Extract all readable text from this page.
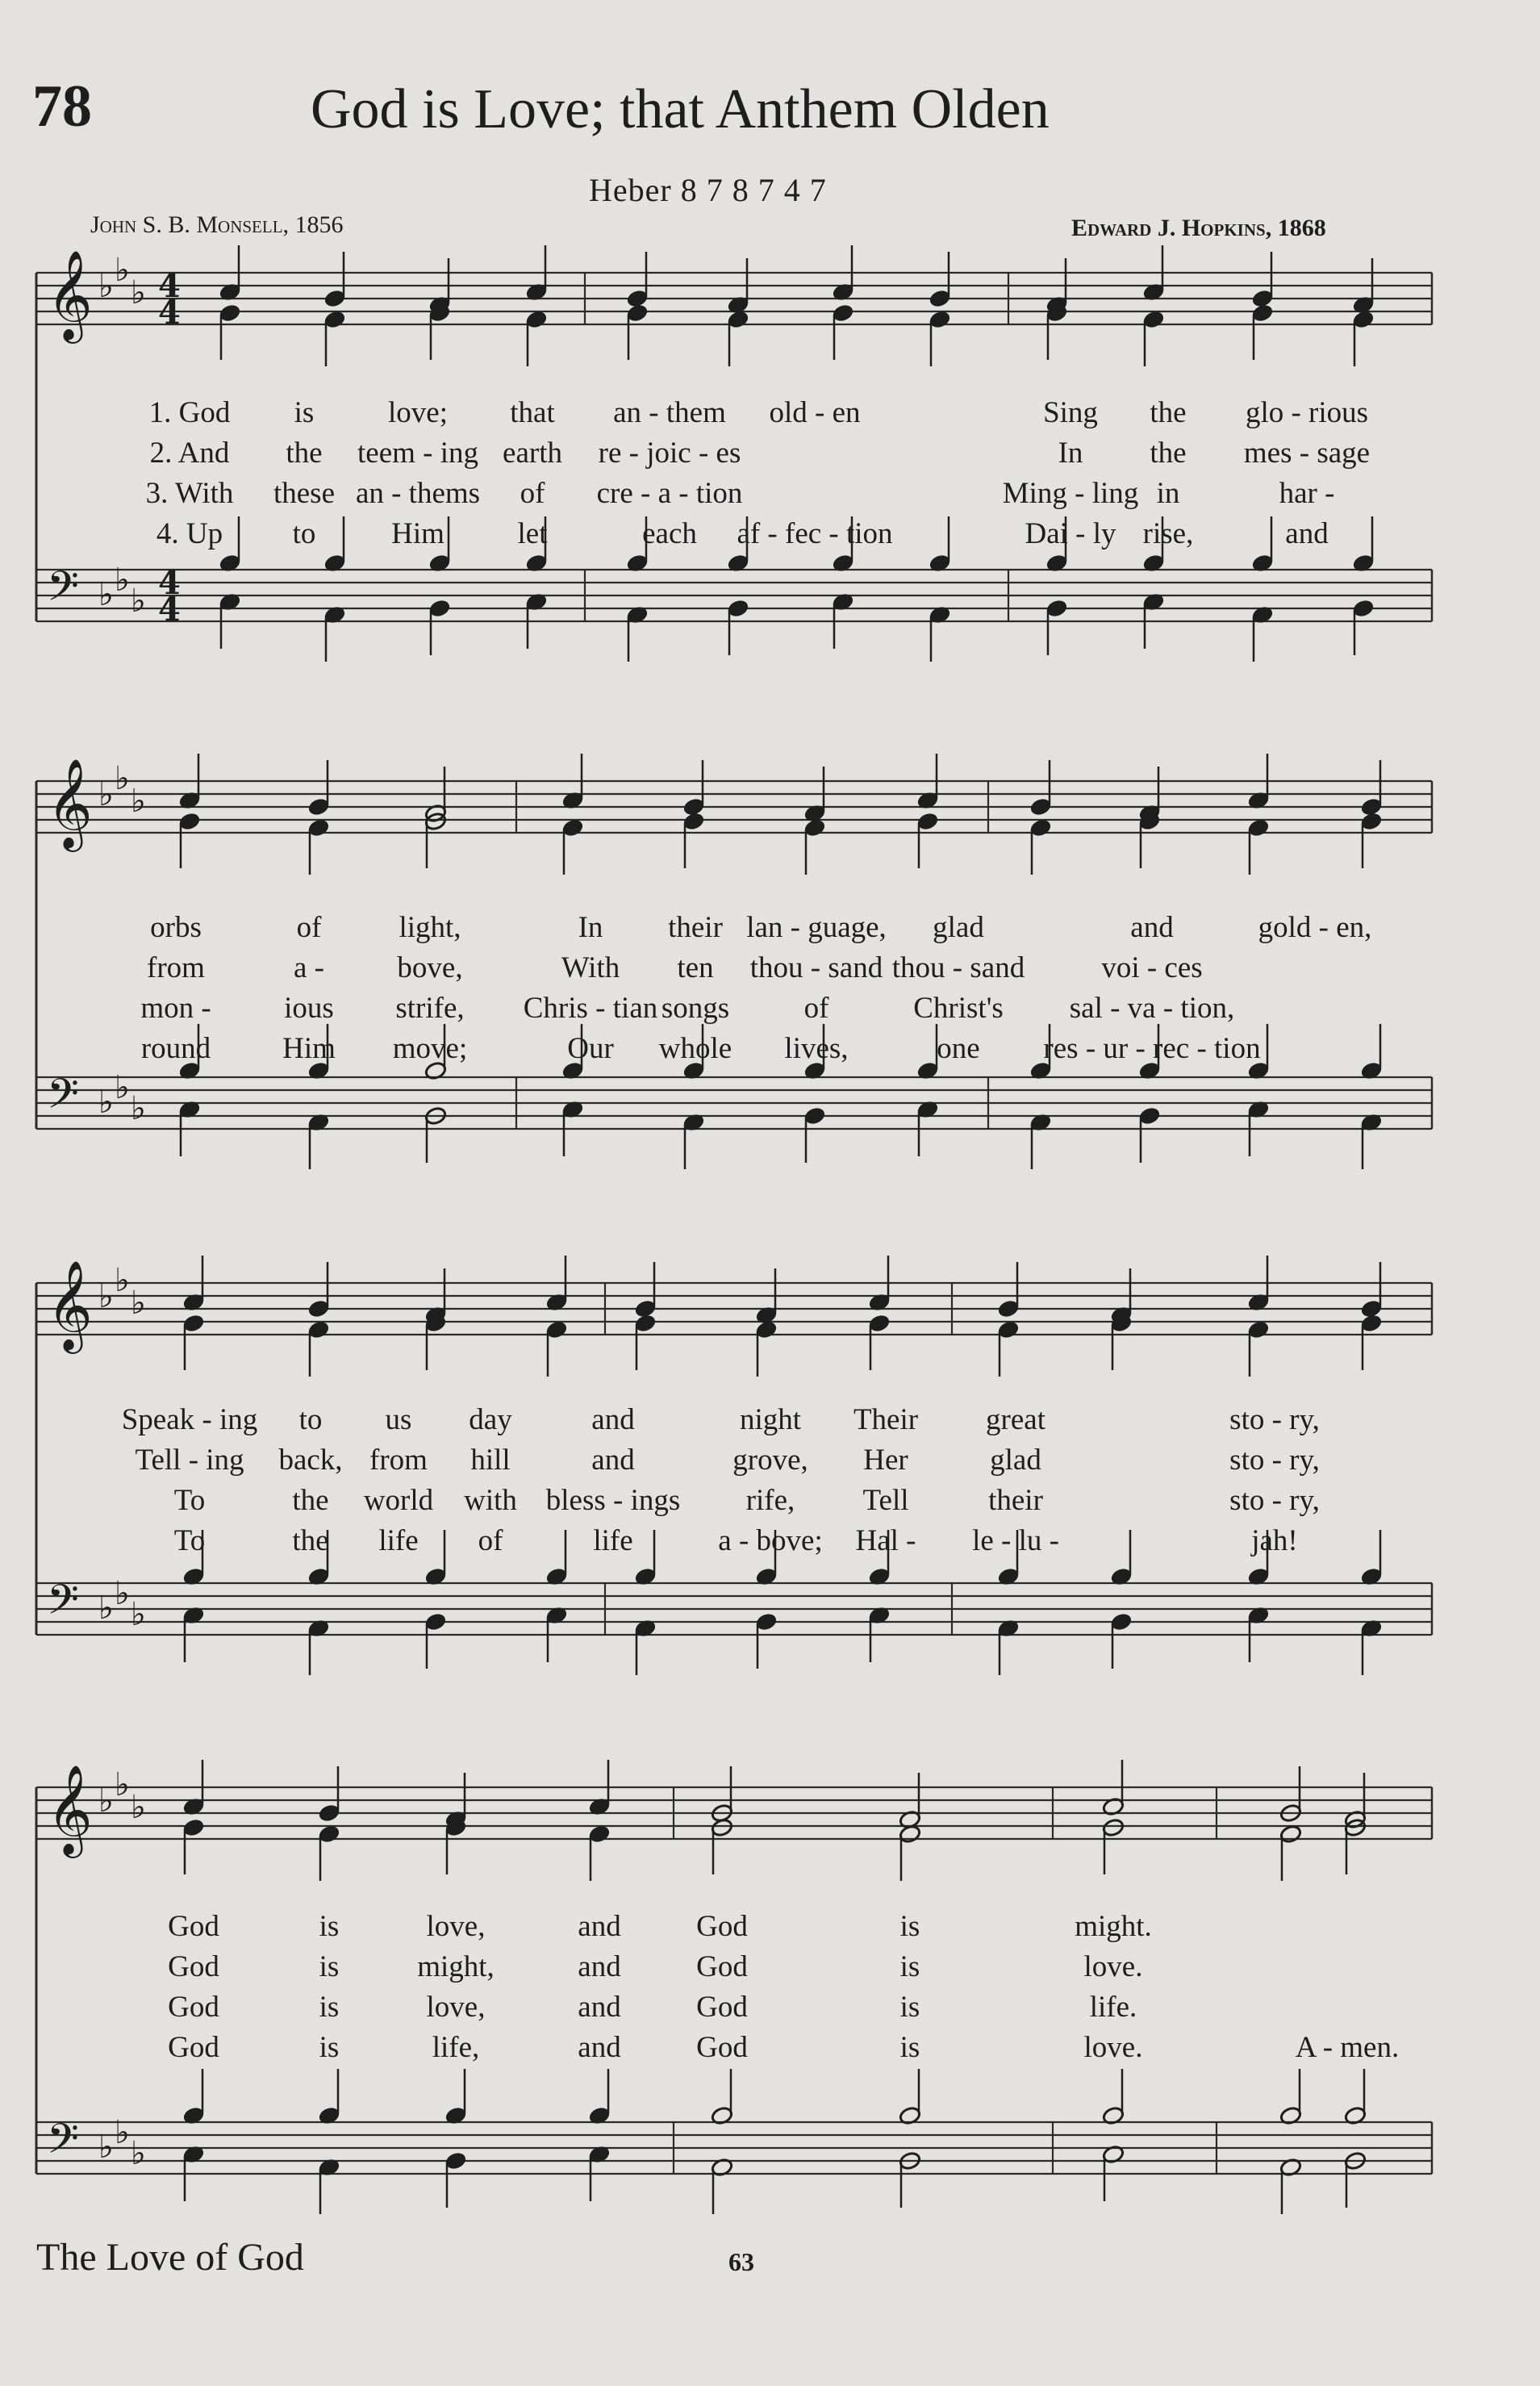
78	God is Love; that Anthem Olden
Heber 8 7 8 7 4 7
John S. B. Monsell, 1856	Edward J. Hopkins, 1868
𝄞
𝄢
♭ ♭
♭
♭ ♭
♭
4
4
4
4
𝄞
𝄢
♭ ♭
♭
♭ ♭
♭
𝄞
𝄢
♭ ♭
♭
♭ ♭
♭
𝄞
𝄢
♭ ♭
♭
♭ ♭
♭
1. God is love; that an - them old - en	Sing the glo - rious
2. And the teem - ing earth re - joic - es	In the mes - sage
3. With these an - thems of cre - a - tion	Ming - ling in	har -
4. Up to	Him let	each af - fec - tion	Dai - ly rise,	and
orbs	of	light,	In their lan - guage, glad	and	gold - en,
from	a - bove,	With ten thou - sand thou - sand	voi - ces
mon - ious strife, Chris - tian songs of	Christ's sal - va - tion,
round Him move;	Our whole lives,	one res - ur - rec - tion
Speak - ing to us day	and	night Their great	sto - ry,
Tell - ing back, from hill	and	grove, Her	glad	sto - ry,
To	the world with bless - ings rife, Tell	their	sto - ry,
To	the life of	life	a - bove; Hal - le - lu -	jah!
God	is	love,	and	God	is	might.
God	is	might,	and	God	is	love.
God	is	love,	and	God	is	life.
God	is	life,	and	God	is	love.	A - men.
The Love of God	63
